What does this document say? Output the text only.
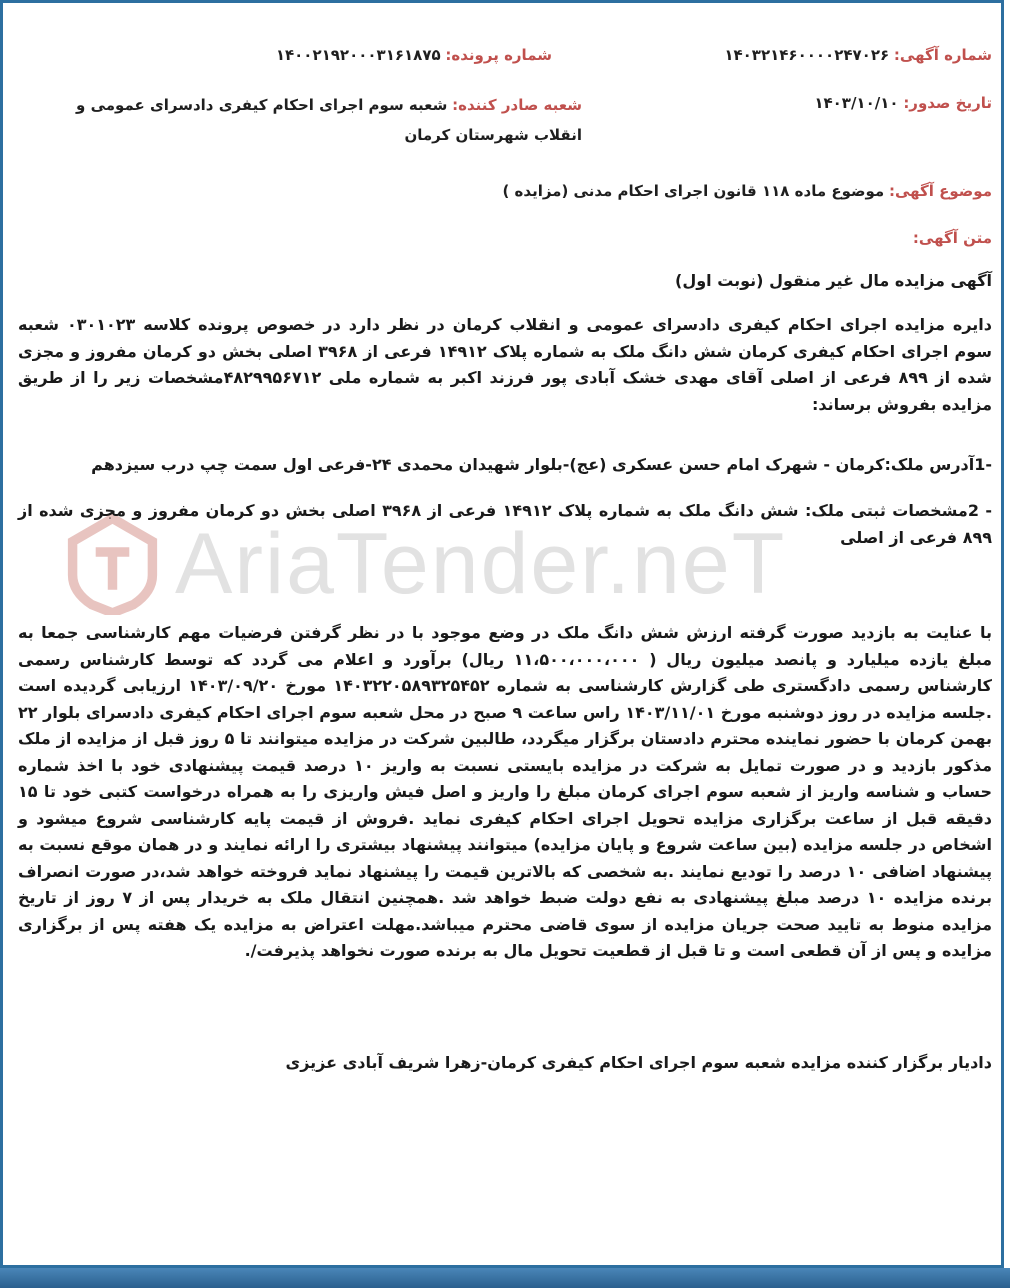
AriaTender.neT
شماره آگهی: ۱۴۰۳۲۱۴۶۰۰۰۰۲۴۷۰۲۶
شماره پرونده: ۱۴۰۰۲۱۹۲۰۰۰۳۱۶۱۸۷۵
تاریخ صدور: ۱۴۰۳/۱۰/۱۰
شعبه صادر کننده: شعبه سوم اجرای احکام کیفری دادسرای عمومی و انقلاب شهرستان کرمان
موضوع آگهی: موضوع ماده ۱۱۸ قانون اجرای احکام مدنی (مزایده )
متن آگهی:
آگهی مزایده مال غیر منقول (نوبت اول)
دایره مزایده اجرای احکام کیفری دادسرای عمومی و انقلاب کرمان در نظر دارد در خصوص پرونده کلاسه ۰۳۰۱۰۲۳ شعبه سوم اجرای احکام کیفری کرمان شش دانگ ملک به شماره پلاک ۱۴۹۱۲ فرعی از ۳۹۶۸ اصلی بخش دو کرمان مفروز و مجزی شده از ۸۹۹ فرعی از اصلی آقای مهدی خشک آبادی پور فرزند اکبر به شماره ملی ۴۸۲۹۹۵۶۷۱۲مشخصات زیر را از طریق مزایده بفروش برساند:
-1آدرس ملک:کرمان - شهرک امام حسن عسکری (عج)-بلوار شهیدان محمدی ۲۴-فرعی اول سمت چپ درب سیزدهم
- 2مشخصات ثبتی ملک: شش دانگ ملک به شماره پلاک ۱۴۹۱۲ فرعی از ۳۹۶۸ اصلی بخش دو کرمان مفروز و مجزی شده از ۸۹۹ فرعی از اصلی
با عنایت به بازدید صورت گرفته ارزش شش دانگ ملک در وضع موجود با در نظر گرفتن فرضیات مهم کارشناسی جمعا به مبلغ یازده میلیارد و پانصد میلیون ریال ( ۱۱،۵۰۰،۰۰۰،۰۰۰ ریال) برآورد و اعلام می گردد که توسط کارشناس رسمی کارشناس رسمی دادگستری طی گزارش کارشناسی به شماره ۱۴۰۳۲۲۰۵۸۹۳۲۵۴۵۲ مورخ ۱۴۰۳/۰۹/۲۰ ارزیابی گردیده است .جلسه مزایده در روز دوشنبه مورخ ۱۴۰۳/۱۱/۰۱ راس ساعت ۹ صبح در محل شعبه سوم اجرای احکام کیفری دادسرای بلوار ۲۲ بهمن کرمان با حضور نماینده محترم دادستان برگزار میگردد، طالبین شرکت در مزایده میتوانند تا ۵ روز قبل از مزایده از ملک مذکور بازدید و در صورت تمایل به شرکت در مزایده بایستی نسبت به واریز ۱۰ درصد قیمت پیشنهادی خود با اخذ شماره حساب و شناسه واریز از شعبه سوم اجرای کرمان مبلغ را واریز و اصل فیش واریزی را به همراه درخواست کتبی خود تا ۱۵ دقیقه قبل از ساعت برگزاری مزایده تحویل اجرای احکام کیفری نماید .فروش از قیمت پایه کارشناسی شروع میشود و اشخاص در جلسه مزایده (بین ساعت شروع و پایان مزایده) میتوانند پیشنهاد بیشتری را ارائه نمایند و در همان موقع نسبت به پیشنهاد اضافی ۱۰ درصد را تودیع نمایند .به شخصی که بالاترین قیمت را پیشنهاد نماید فروخته خواهد شد،در صورت انصراف برنده مزایده ۱۰ درصد مبلغ پیشنهادی به نفع دولت ضبط خواهد شد .همچنین انتقال ملک به خریدار پس از ۷ روز از تاریخ مزایده منوط به تایید صحت جریان مزایده از سوی قاضی محترم میباشد.مهلت اعتراض به مزایده یک هفته پس از برگزاری مزایده و پس از آن قطعی است و تا قبل از قطعیت تحویل مال به برنده صورت نخواهد پذیرفت/.
دادیار برگزار کننده مزایده شعبه سوم اجرای احکام کیفری کرمان-زهرا شریف آبادی عزیزی
